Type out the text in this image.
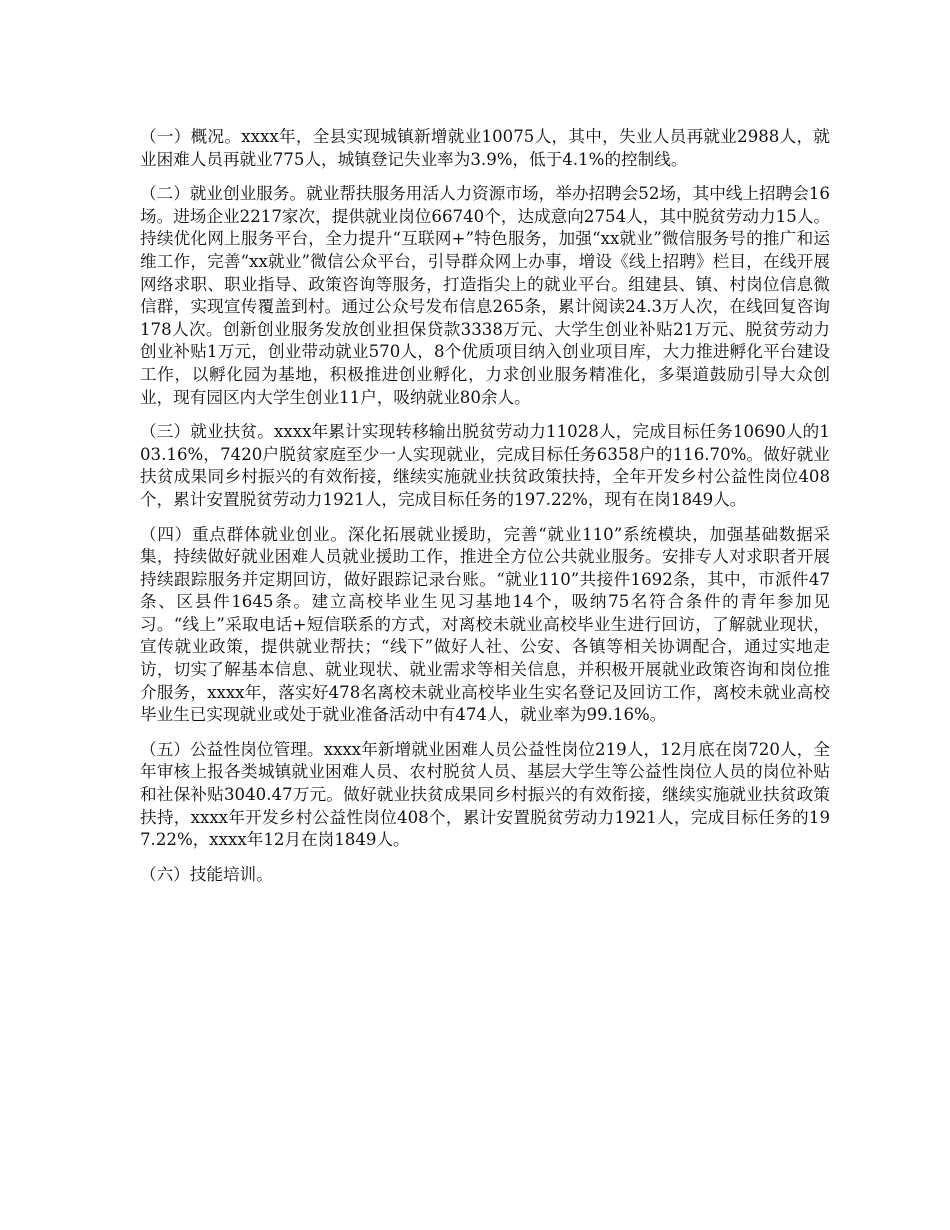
（一）概况。xxxx年，全县实现城镇新增就业10075人，其中，失业人员再就业2988人，就业困难人员再就业775人，城镇登记失业率为3.9%，低于4.1%的控制线。

（二）就业创业服务。就业帮扶服务用活人力资源市场，举办招聘会52场，其中线上招聘会16场。进场企业2217家次，提供就业岗位66740个，达成意向2754人，其中脱贫劳动力15人。持续优化网上服务平台，全力提升“互联网+”特色服务，加强“xx就业”微信服务号的推广和运维工作，完善“xx就业”微信公众平台，引导群众网上办事，增设《线上招聘》栏目，在线开展网络求职、职业指导、政策咨询等服务，打造指尖上的就业平台。组建县、镇、村岗位信息微信群，实现宣传覆盖到村。通过公众号发布信息265条，累计阅读24.3万人次，在线回复咨询178人次。创新创业服务发放创业担保贷款3338万元、大学生创业补贴21万元、脱贫劳动力创业补贴1万元，创业带动就业570人，8个优质项目纳入创业项目库，大力推进孵化平台建设工作，以孵化园为基地，积极推进创业孵化，力求创业服务精准化，多渠道鼓励引导大众创业，现有园区内大学生创业11户，吸纳就业80余人。

（三）就业扶贫。xxxx年累计实现转移输出脱贫劳动力11028人，完成目标任务10690人的103.16%，7420户脱贫家庭至少一人实现就业，完成目标任务6358户的116.70%。做好就业扶贫成果同乡村振兴的有效衔接，继续实施就业扶贫政策扶持，全年开发乡村公益性岗位408个，累计安置脱贫劳动力1921人，完成目标任务的197.22%，现有在岗1849人。

（四）重点群体就业创业。深化拓展就业援助，完善“就业110”系统模块，加强基础数据采集，持续做好就业困难人员就业援助工作，推进全方位公共就业服务。安排专人对求职者开展持续跟踪服务并定期回访，做好跟踪记录台账。“就业110”共接件1692条，其中，市派件47条、区县件1645条。建立高校毕业生见习基地14个，吸纳75名符合条件的青年参加见习。“线上”采取电话+短信联系的方式，对离校未就业高校毕业生进行回访，了解就业现状，宣传就业政策，提供就业帮扶；“线下”做好人社、公安、各镇等相关协调配合，通过实地走访，切实了解基本信息、就业现状、就业需求等相关信息，并积极开展就业政策咨询和岗位推介服务，xxxx年，落实好478名离校未就业高校毕业生实名登记及回访工作，离校未就业高校毕业生已实现就业或处于就业准备活动中有474人，就业率为99.16%。

（五）公益性岗位管理。xxxx年新增就业困难人员公益性岗位219人，12月底在岗720人，全年审核上报各类城镇就业困难人员、农村脱贫人员、基层大学生等公益性岗位人员的岗位补贴和社保补贴3040.47万元。做好就业扶贫成果同乡村振兴的有效衔接，继续实施就业扶贫政策扶持，xxxx年开发乡村公益性岗位408个，累计安置脱贫劳动力1921人，完成目标任务的197.22%，xxxx年12月在岗1849人。

（六）技能培训。
